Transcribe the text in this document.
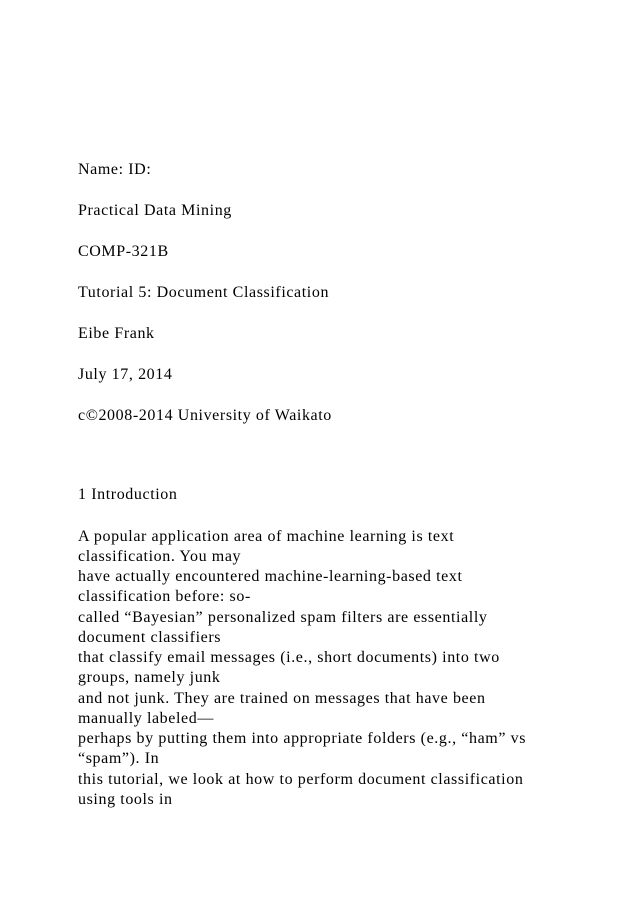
Name: ID:
Practical Data Mining
COMP-321B
Tutorial 5: Document Classification
Eibe Frank
July 17, 2014
c©2008-2014 University of Waikato
1 Introduction
A popular application area of machine learning is text
classification. You may
have actually encountered machine-learning-based text
classification before: so-
called “Bayesian” personalized spam filters are essentially
document classifiers
that classify email messages (i.e., short documents) into two
groups, namely junk
and not junk. They are trained on messages that have been
manually labeled—
perhaps by putting them into appropriate folders (e.g., “ham” vs
“spam”). In
this tutorial, we look at how to perform document classification
using tools in
